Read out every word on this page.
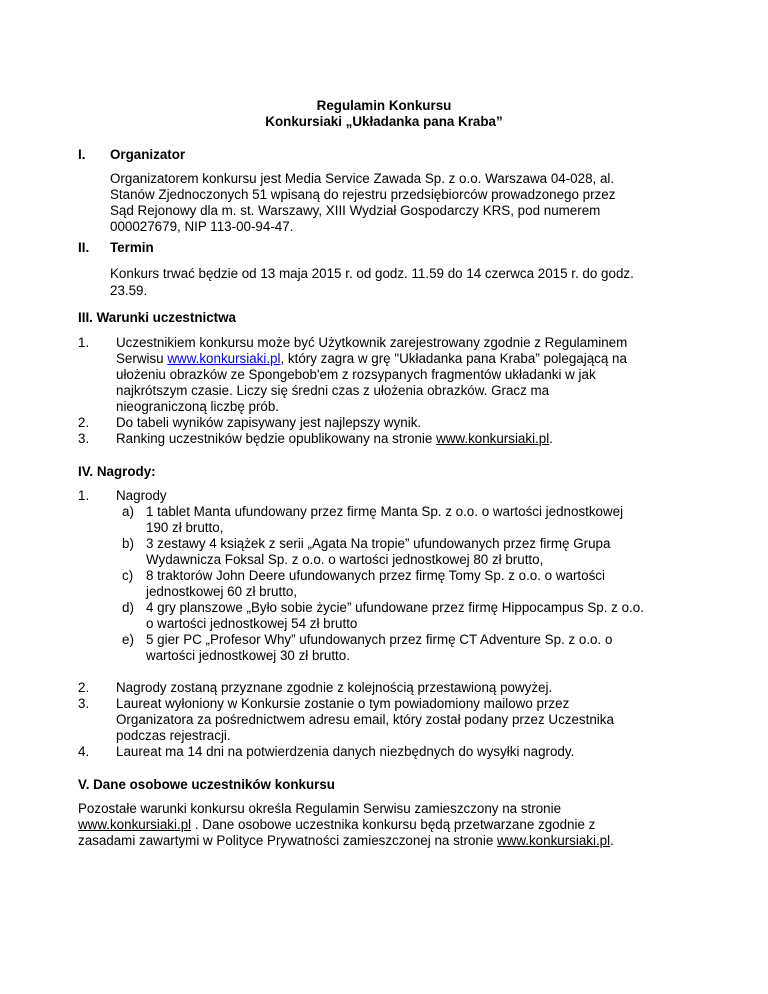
Regulamin Konkursu
Konkursiaki „Układanka pana Kraba”
I. Organizator
Organizatorem konkursu jest Media Service Zawada Sp. z o.o. Warszawa 04-028, al.
Stanów Zjednoczonych 51 wpisaną do rejestru przedsiębiorców prowadzonego przez
Sąd Rejonowy dla m. st. Warszawy, XIII Wydział Gospodarczy KRS, pod numerem
000027679, NIP 113-00-94-47.
II. Termin
Konkurs trwać będzie od 13 maja 2015 r. od godz. 11.59 do 14 czerwca 2015 r. do godz.
23.59.
III. Warunki uczestnictwa
1. Uczestnikiem konkursu może być Użytkownik zarejestrowany zgodnie z Regulaminem
Serwisu www.konkursiaki.pl, który zagra w grę "Układanka pana Kraba” polegającą na
ułożeniu obrazków ze Spongebob'em z rozsypanych fragmentów układanki w jak
najkrótszym czasie. Liczy się średni czas z ułożenia obrazków. Gracz ma
nieograniczoną liczbę prób.
2. Do tabeli wyników zapisywany jest najlepszy wynik.
3. Ranking uczestników będzie opublikowany na stronie www.konkursiaki.pl.
IV. Nagrody:
1. Nagrody
a) 1 tablet Manta ufundowany przez firmę Manta Sp. z o.o. o wartości jednostkowej
190 zł brutto,
b) 3 zestawy 4 książek z serii „Agata Na tropie” ufundowanych przez firmę Grupa
Wydawnicza Foksal Sp. z o.o. o wartości jednostkowej 80 zł brutto,
c) 8 traktorów John Deere ufundowanych przez firmę Tomy Sp. z o.o. o wartości
jednostkowej 60 zł brutto,
d) 4 gry planszowe „Było sobie życie” ufundowane przez firmę Hippocampus Sp. z o.o.
o wartości jednostkowej 54 zł brutto
e) 5 gier PC „Profesor Why” ufundowanych przez firmę CT Adventure Sp. z o.o. o
wartości jednostkowej 30 zł brutto.
2. Nagrody zostaną przyznane zgodnie z kolejnością przestawioną powyżej.
3. Laureat wyłoniony w Konkursie zostanie o tym powiadomiony mailowo przez
Organizatora za pośrednictwem adresu email, który został podany przez Uczestnika
podczas rejestracji.
4. Laureat ma 14 dni na potwierdzenia danych niezbędnych do wysyłki nagrody.
V. Dane osobowe uczestników konkursu
Pozostałe warunki konkursu określa Regulamin Serwisu zamieszczony na stronie
www.konkursiaki.pl . Dane osobowe uczestnika konkursu będą przetwarzane zgodnie z
zasadami zawartymi w Polityce Prywatności zamieszczonej na stronie www.konkursiaki.pl.
